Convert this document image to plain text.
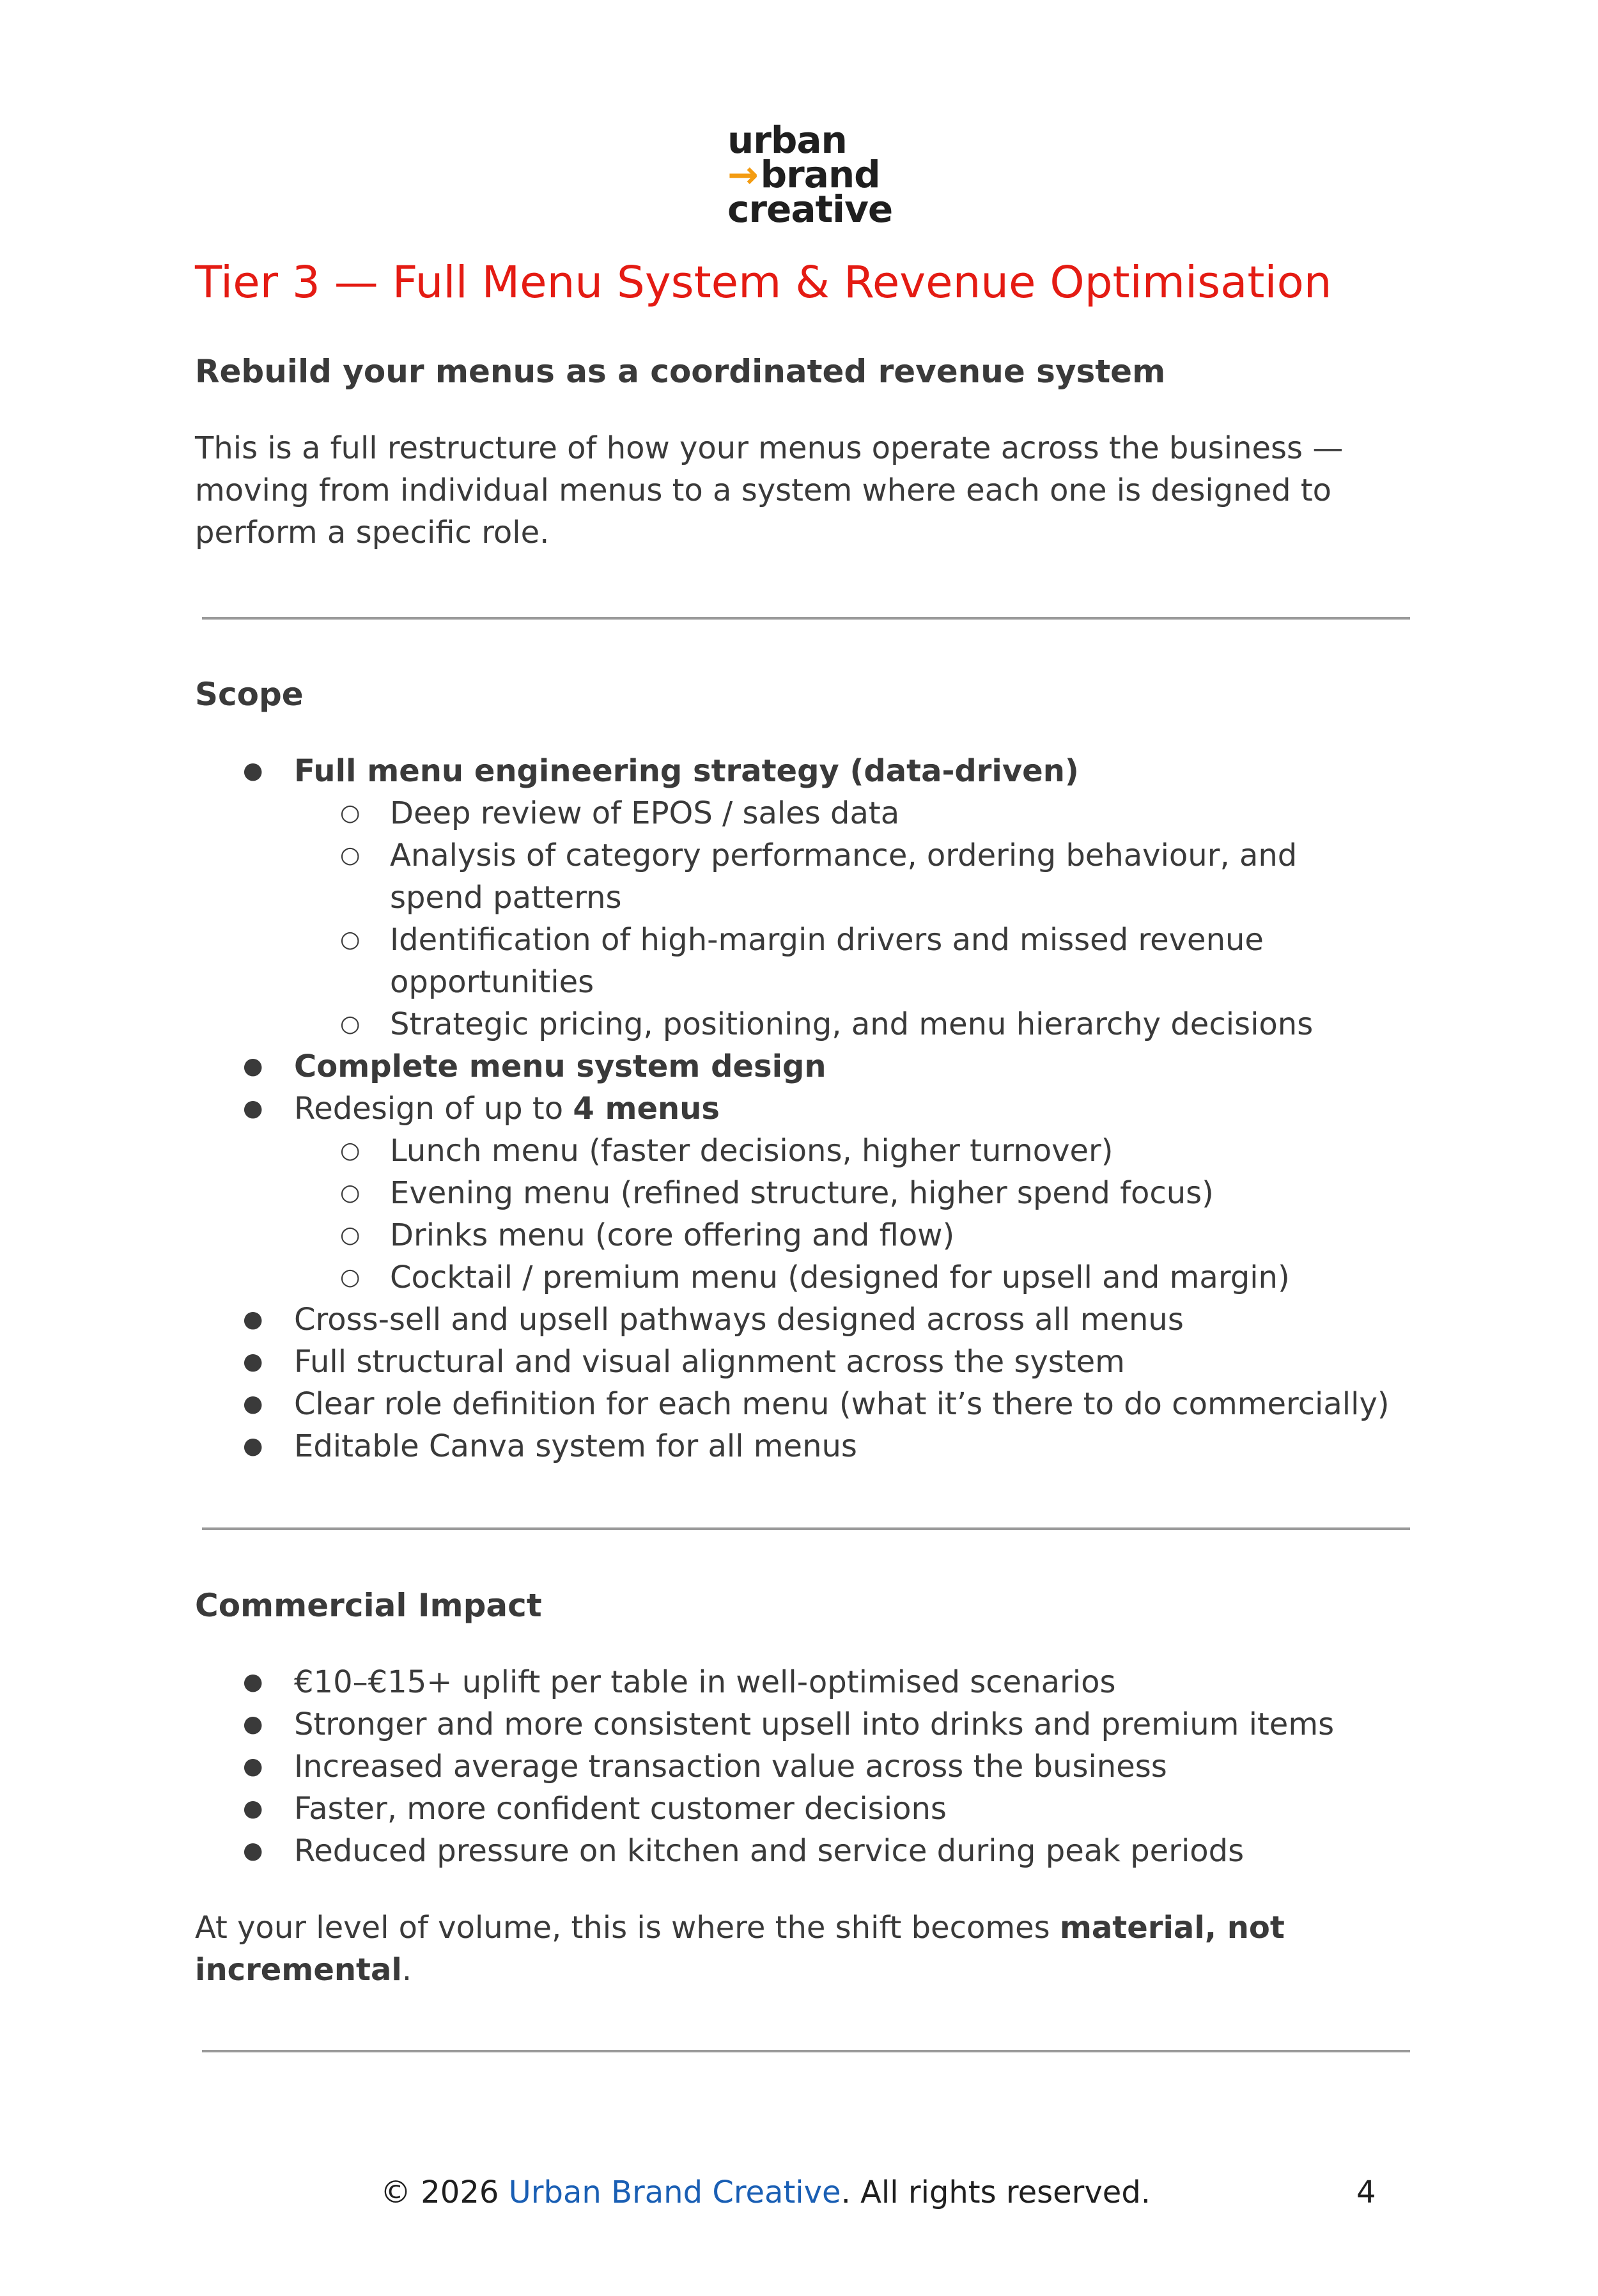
urban
→brand
creative
Tier 3 — Full Menu System & Revenue Optimisation
Rebuild your menus as a coordinated revenue system

This is a full restructure of how your menus operate across the business —
moving from individual menus to a system where each one is designed to
perform a specific role.

Scope
● Full menu engineering strategy (data-driven)
○ Deep review of EPOS / sales data
○ Analysis of category performance, ordering behaviour, and
spend patterns
○ Identification of high-margin drivers and missed revenue
opportunities
○ Strategic pricing, positioning, and menu hierarchy decisions
● Complete menu system design
● Redesign of up to 4 menus
○ Lunch menu (faster decisions, higher turnover)
○ Evening menu (refined structure, higher spend focus)
○ Drinks menu (core offering and flow)
○ Cocktail / premium menu (designed for upsell and margin)
● Cross-sell and upsell pathways designed across all menus
● Full structural and visual alignment across the system
● Clear role definition for each menu (what it’s there to do commercially)
● Editable Canva system for all menus
Commercial Impact
● €10–€15+ uplift per table in well-optimised scenarios
● Stronger and more consistent upsell into drinks and premium items
● Increased average transaction value across the business
● Faster, more confident customer decisions
● Reduced pressure on kitchen and service during peak periods

At your level of volume, this is where the shift becomes material, not
incremental.

© 2026 Urban Brand Creative. All rights reserved.	4
